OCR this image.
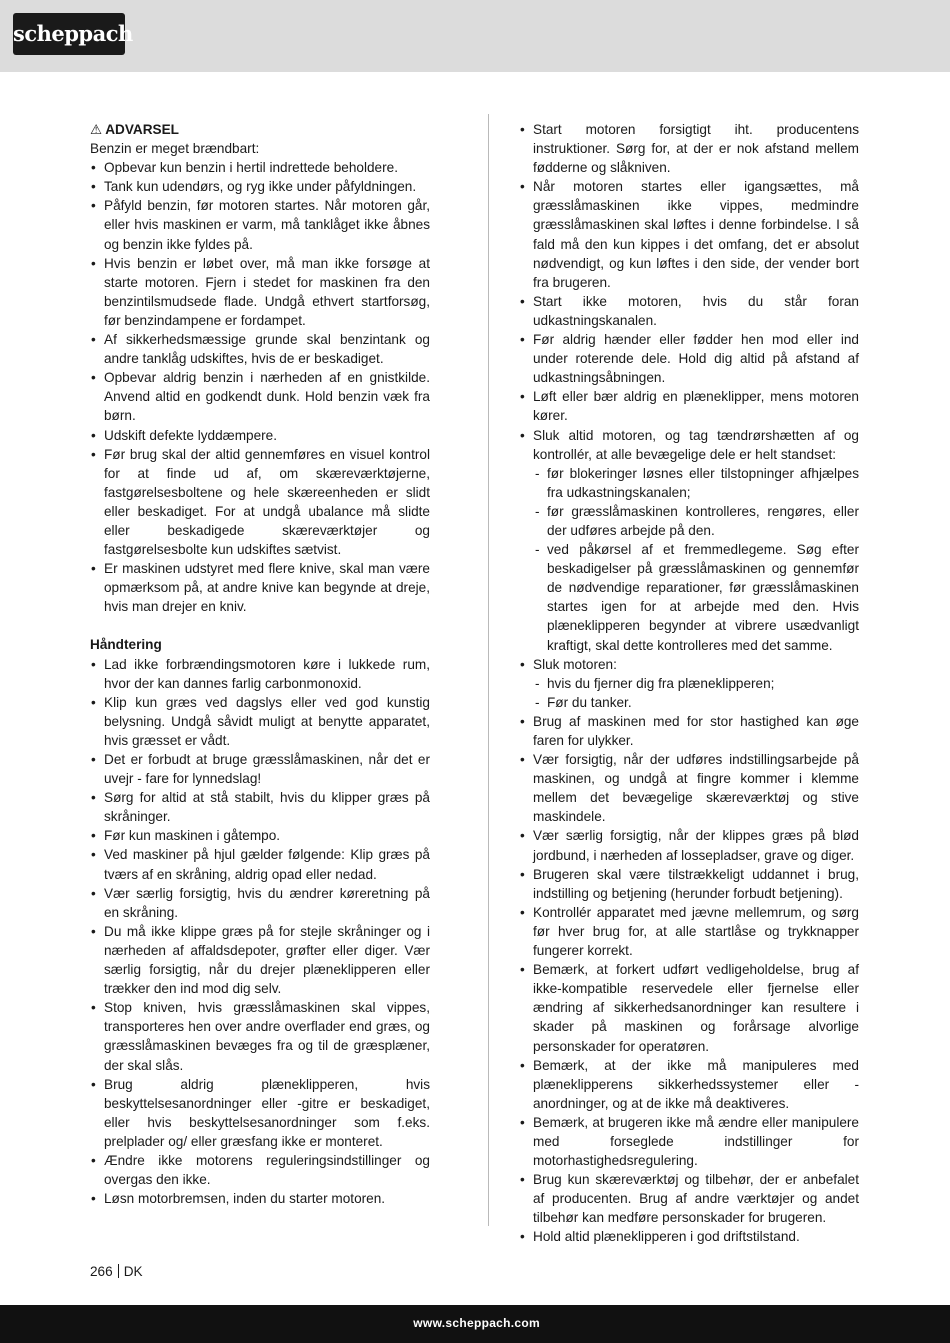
scheppach

⚠ ADVARSEL

Benzin er meget brændbart:

• Opbevar kun benzin i hertil indrettede beholdere.
• Tank kun udendørs, og ryg ikke under påfyldningen.
• Påfyld benzin, før motoren startes. Når motoren går, eller hvis maskinen er varm, må tanklåget ikke åbnes og benzin ikke fyldes på.
• Hvis benzin er løbet over, må man ikke forsøge at starte motoren. Fjern i stedet for maskinen fra den benzintilsmudsede flade. Undgå ethvert startforsøg, før benzindampene er fordampet.
• Af sikkerhedsmæssige grunde skal benzintank og andre tanklåg udskiftes, hvis de er beskadiget.
• Opbevar aldrig benzin i nærheden af en gnistkilde. Anvend altid en godkendt dunk. Hold benzin væk fra børn.
• Udskift defekte lyddæmpere.
• Før brug skal der altid gennemføres en visuel kontrol for at finde ud af, om skæreværktøjerne, fastgørelsesboltene og hele skæreenheden er slidt eller beskadiget. For at undgå ubalance må slidte eller beskadigede skæreværktøjer og fastgørelsesbolte kun udskiftes sætvist.
• Er maskinen udstyret med flere knive, skal man være opmærksom på, at andre knive kan begynde at dreje, hvis man drejer en kniv.

Håndtering

• Lad ikke forbrændingsmotoren køre i lukkede rum, hvor der kan dannes farlig carbonmonoxid.
• Klip kun græs ved dagslys eller ved god kunstig belysning. Undgå såvidt muligt at benytte apparatet, hvis græsset er vådt.
• Det er forbudt at bruge græsslåmaskinen, når det er uvejr - fare for lynnedslag!
• Sørg for altid at stå stabilt, hvis du klipper græs på skråninger.
• Før kun maskinen i gåtempo.
• Ved maskiner på hjul gælder følgende: Klip græs på tværs af en skråning, aldrig opad eller nedad.
• Vær særlig forsigtig, hvis du ændrer køreretning på en skråning.
• Du må ikke klippe græs på for stejle skråninger og i nærheden af affaldsdepoter, grøfter eller diger. Vær særlig forsigtig, når du drejer plæneklipperen eller trækker den ind mod dig selv.
• Stop kniven, hvis græsslåmaskinen skal vippes, transporteres hen over andre overflader end græs, og græsslåmaskinen bevæges fra og til de græsplæner, der skal slås.
• Brug aldrig plæneklipperen, hvis beskyttelsesanordninger eller -gitre er beskadiget, eller hvis beskyttelsesanordninger som f.eks. prelplader og/ eller græsfang ikke er monteret.
• Ændre ikke motorens reguleringsindstillinger og overgas den ikke.
• Løsn motorbremsen, inden du starter motoren.
• Start motoren forsigtigt iht. producentens instruktioner. Sørg for, at der er nok afstand mellem fødderne og slåkniven.
• Når motoren startes eller igangsættes, må græsslåmaskinen ikke vippes, medmindre græsslåmaskinen skal løftes i denne forbindelse. I så fald må den kun kippes i det omfang, det er absolut nødvendigt, og kun løftes i den side, der vender bort fra brugeren.
• Start ikke motoren, hvis du står foran udkastningskanalen.
• Før aldrig hænder eller fødder hen mod eller ind under roterende dele. Hold dig altid på afstand af udkastningsåbningen.
• Løft eller bær aldrig en plæneklipper, mens motoren kører.
• Sluk altid motoren, og tag tændrørshætten af og kontrollér, at alle bevægelige dele er helt standset:
- før blokeringer løsnes eller tilstopninger afhjælpes fra udkastningskanalen;
- før græsslåmaskinen kontrolleres, rengøres, eller der udføres arbejde på den.
- ved påkørsel af et fremmedlegeme. Søg efter beskadigelser på græsslåmaskinen og gennemfør de nødvendige reparationer, før græsslåmaskinen startes igen for at arbejde med den. Hvis plæneklipperen begynder at vibrere usædvanligt kraftigt, skal dette kontrolleres med det samme.
• Sluk motoren:
- hvis du fjerner dig fra plæneklipperen;
- Før du tanker.
• Brug af maskinen med for stor hastighed kan øge faren for ulykker.
• Vær forsigtig, når der udføres indstillingsarbejde på maskinen, og undgå at fingre kommer i klemme mellem det bevægelige skæreværktøj og stive maskindele.
• Vær særlig forsigtig, når der klippes græs på blød jordbund, i nærheden af lossepladser, grave og diger.
• Brugeren skal være tilstrækkeligt uddannet i brug, indstilling og betjening (herunder forbudt betjening).
• Kontrollér apparatet med jævne mellemrum, og sørg før hver brug for, at alle startlåse og trykknapper fungerer korrekt.
• Bemærk, at forkert udført vedligeholdelse, brug af ikke-kompatible reservedele eller fjernelse eller ændring af sikkerhedsanordninger kan resultere i skader på maskinen og forårsage alvorlige personskader for operatøren.
• Bemærk, at der ikke må manipuleres med plæneklipperens sikkerhedssystemer eller -anordninger, og at de ikke må deaktiveres.
• Bemærk, at brugeren ikke må ændre eller manipulere med forseglede indstillinger for motorhastighedsregulering.
• Brug kun skæreværktøj og tilbehør, der er anbefalet af producenten. Brug af andre værktøjer og andet tilbehør kan medføre personskader for brugeren.
• Hold altid plæneklipperen i god driftstilstand.
266 DK
www.scheppach.com
